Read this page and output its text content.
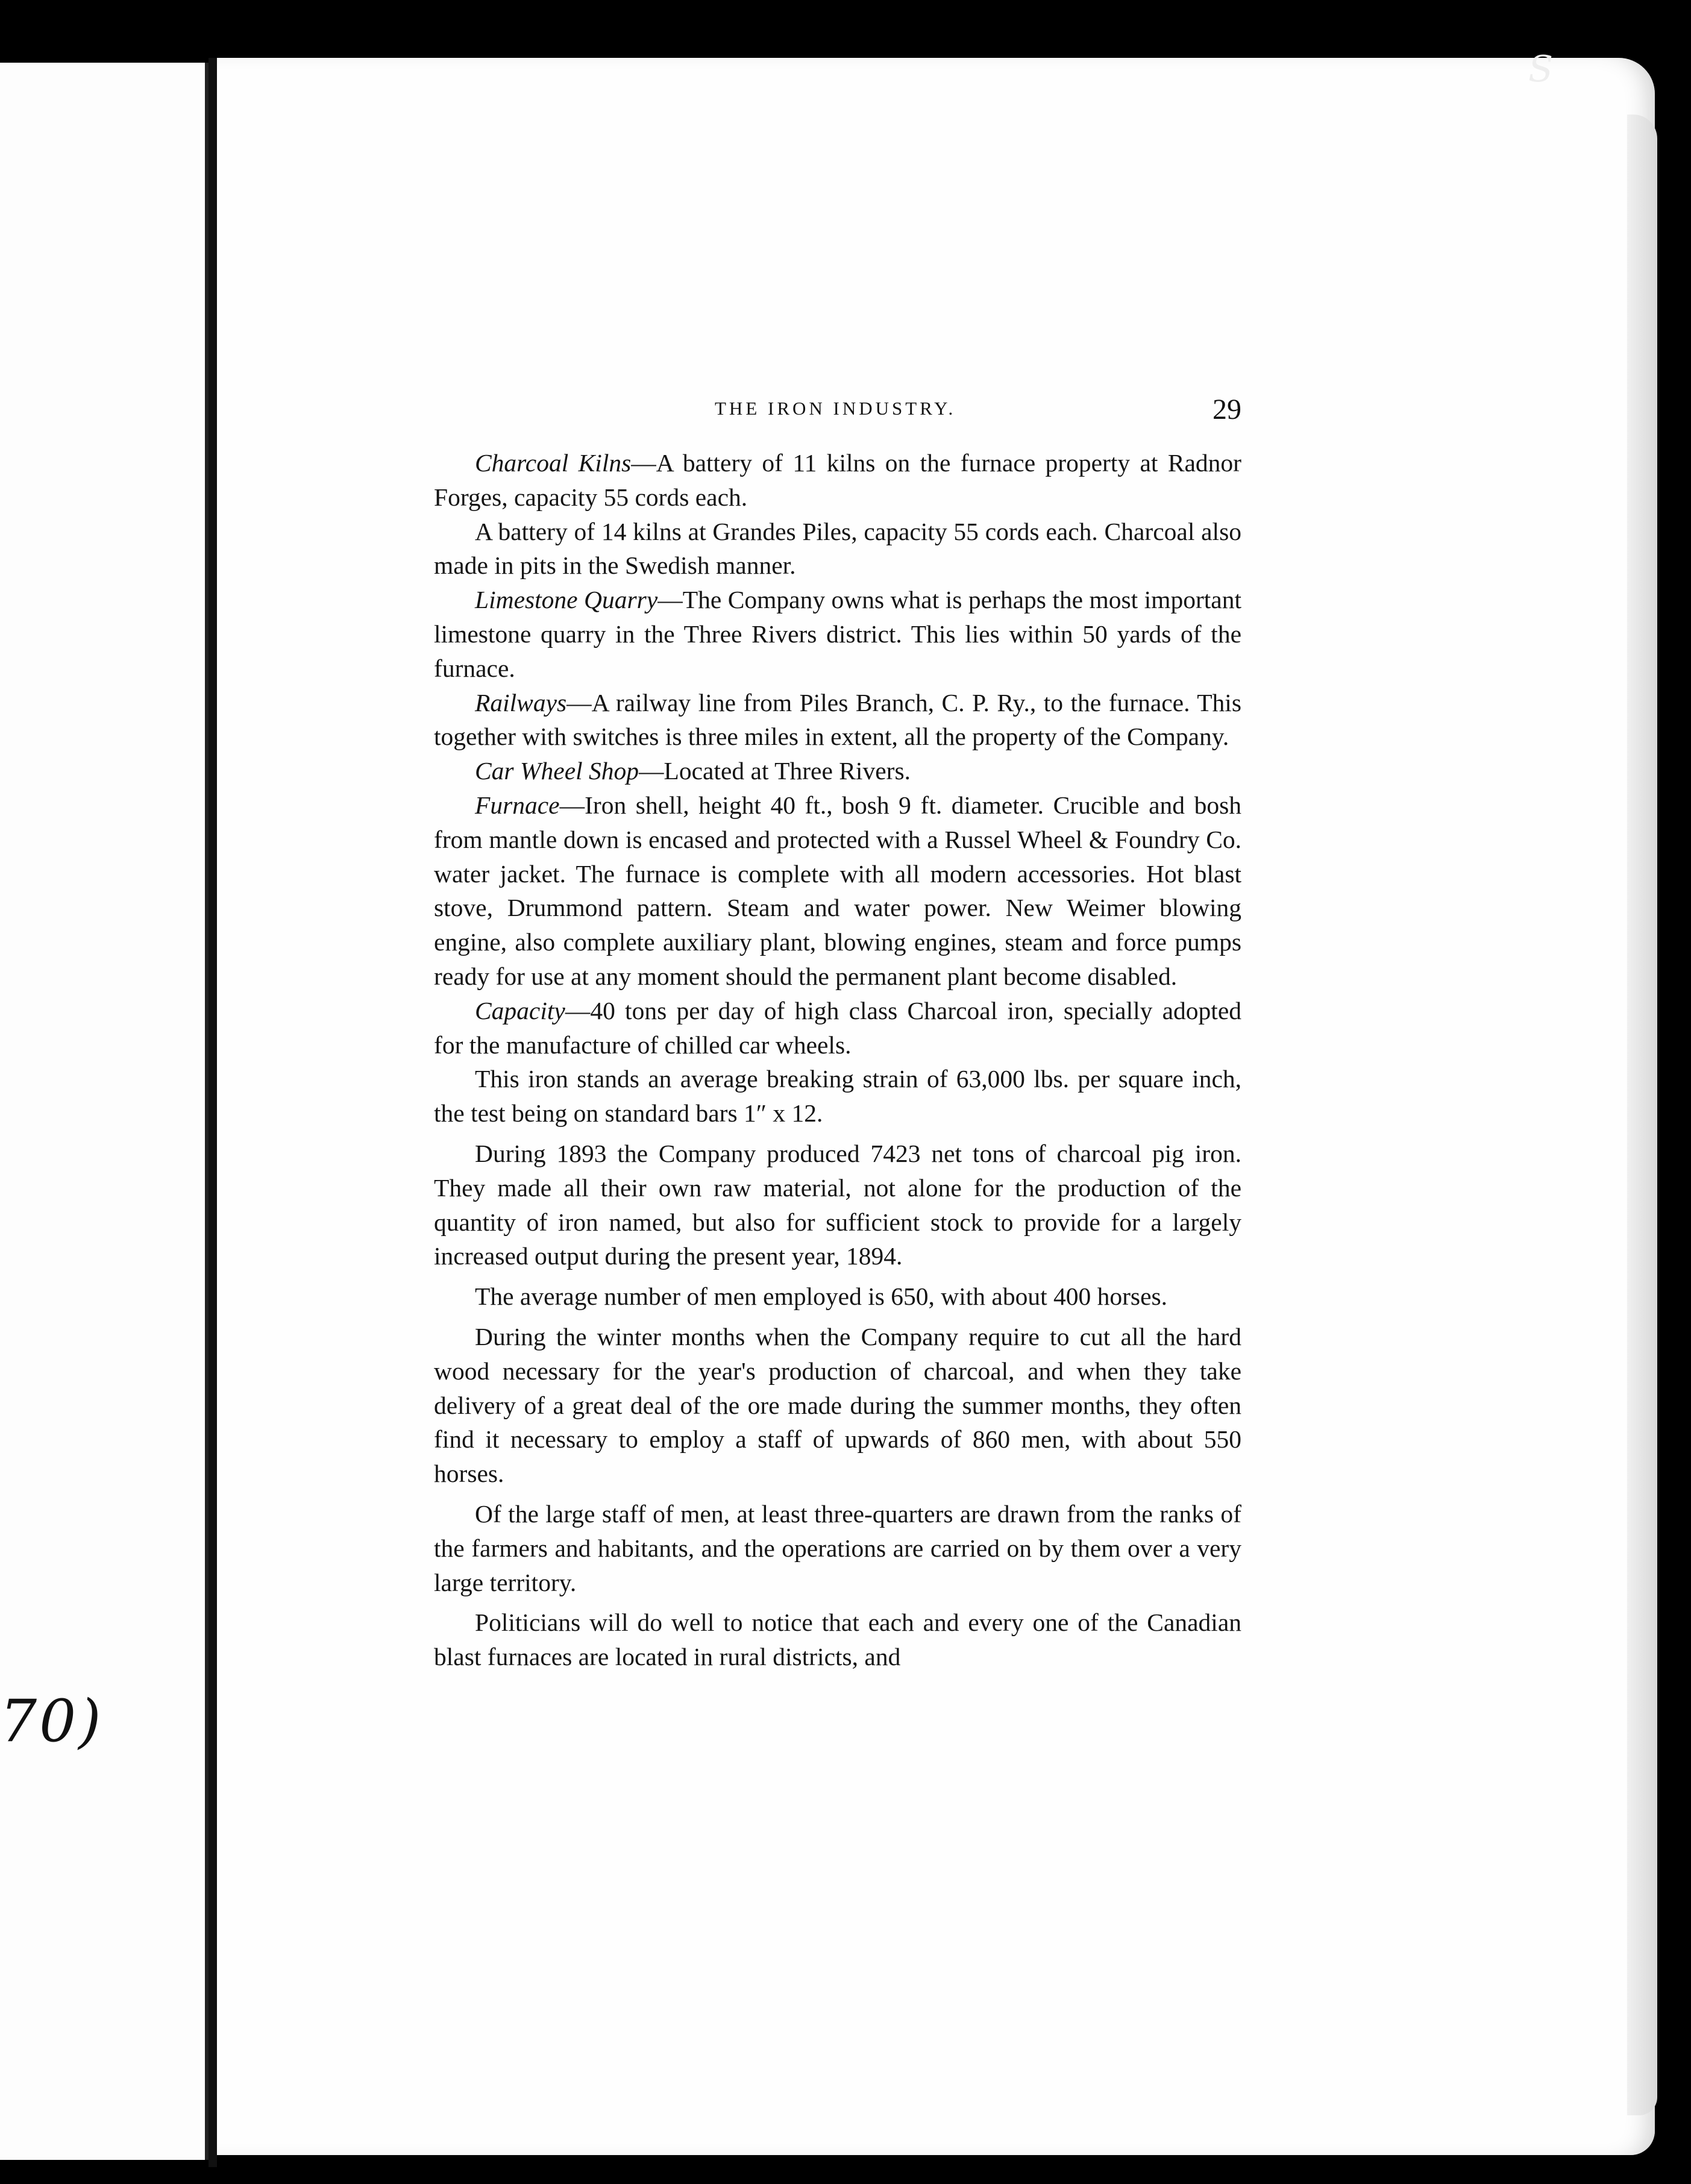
70)
S
THE IRON INDUSTRY.	29

Charcoal Kilns—A battery of 11 kilns on the furnace property at Radnor Forges, capacity 55 cords each.

A battery of 14 kilns at Grandes Piles, capacity 55 cords each. Charcoal also made in pits in the Swedish manner.

Limestone Quarry—The Company owns what is perhaps the most important limestone quarry in the Three Rivers district. This lies within 50 yards of the furnace.

Railways—A railway line from Piles Branch, C. P. Ry., to the furnace. This together with switches is three miles in extent, all the property of the Company.

Car Wheel Shop—Located at Three Rivers.

Furnace—Iron shell, height 40 ft., bosh 9 ft. diameter. Crucible and bosh from mantle down is encased and protected with a Russel Wheel & Foundry Co. water jacket. The furnace is complete with all modern accessories. Hot blast stove, Drummond pattern. Steam and water power. New Weimer blowing engine, also complete auxiliary plant, blowing engines, steam and force pumps ready for use at any moment should the permanent plant become disabled.

Capacity—40 tons per day of high class Charcoal iron, specially adopted for the manufacture of chilled car wheels.

This iron stands an average breaking strain of 63,000 lbs. per square inch, the test being on standard bars 1″ x 12.

During 1893 the Company produced 7423 net tons of charcoal pig iron. They made all their own raw material, not alone for the production of the quantity of iron named, but also for sufficient stock to provide for a largely increased output during the present year, 1894.

The average number of men employed is 650, with about 400 horses.

During the winter months when the Company require to cut all the hard wood necessary for the year's production of charcoal, and when they take delivery of a great deal of the ore made during the summer months, they often find it necessary to employ a staff of upwards of 860 men, with about 550 horses.

Of the large staff of men, at least three-quarters are drawn from the ranks of the farmers and habitants, and the operations are carried on by them over a very large territory.

Politicians will do well to notice that each and every one of the Canadian blast furnaces are located in rural districts, and
